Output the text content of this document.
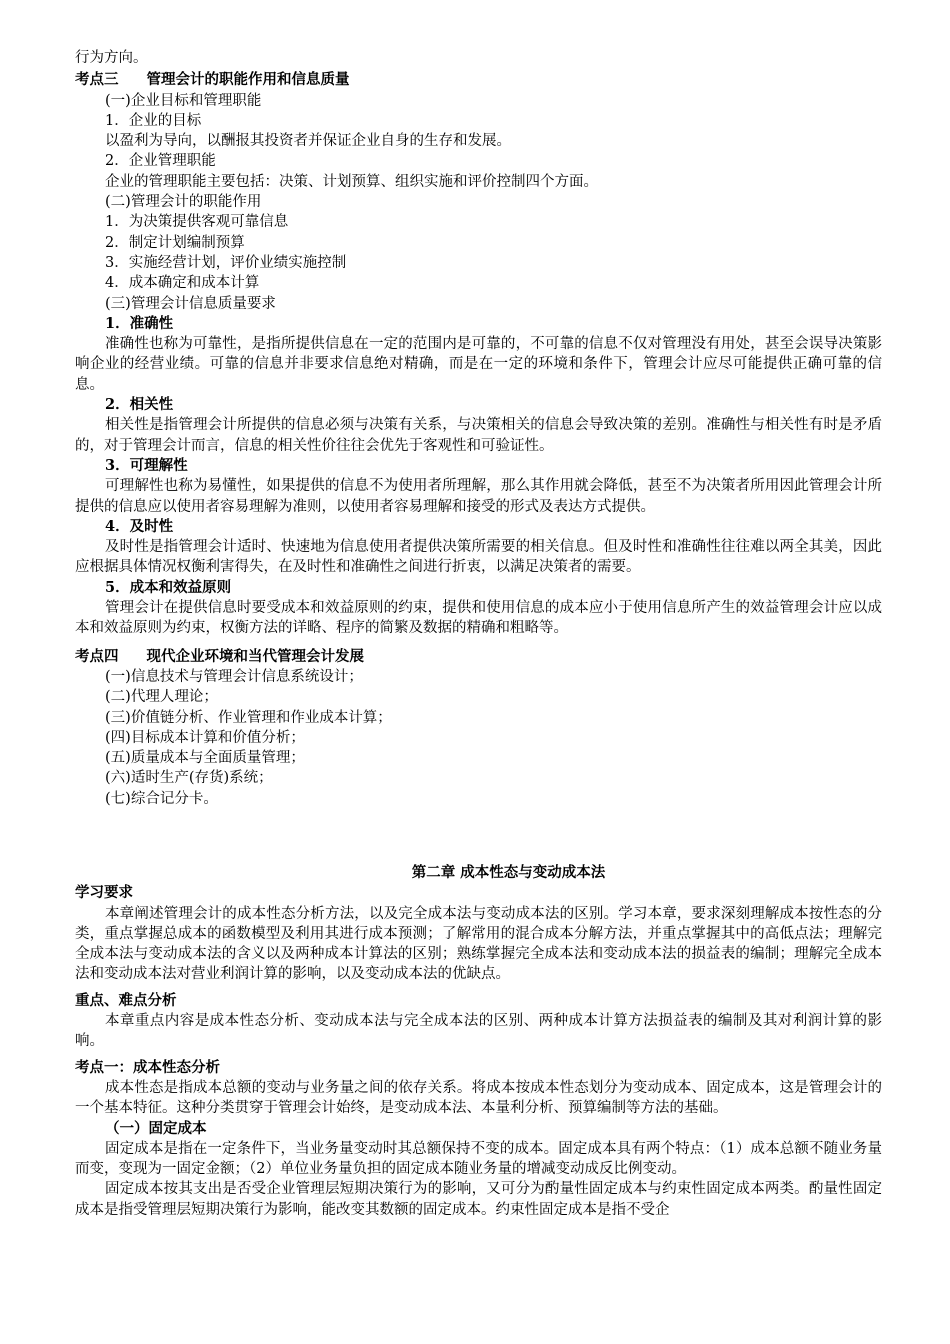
行为方向。

考点三 管理会计的职能作用和信息质量

(一)企业目标和管理职能

1．企业的目标

以盈利为导向，以酬报其投资者并保证企业自身的生存和发展。

2．企业管理职能

企业的管理职能主要包括：决策、计划预算、组织实施和评价控制四个方面。

(二)管理会计的职能作用

1．为决策提供客观可靠信息

2．制定计划编制预算

3．实施经营计划，评价业绩实施控制

4．成本确定和成本计算

(三)管理会计信息质量要求

1．准确性

准确性也称为可靠性，是指所提供信息在一定的范围内是可靠的，不可靠的信息不仅对管理没有用处，甚至会误导决策影响企业的经营业绩。可靠的信息并非要求信息绝对精确，而是在一定的环境和条件下，管理会计应尽可能提供正确可靠的信息。

2．相关性

相关性是指管理会计所提供的信息必须与决策有关系，与决策相关的信息会导致决策的差别。准确性与相关性有时是矛盾的，对于管理会计而言，信息的相关性价往往会优先于客观性和可验证性。

3．可理解性

可理解性也称为易懂性，如果提供的信息不为使用者所理解，那么其作用就会降低，甚至不为决策者所用因此管理会计所提供的信息应以使用者容易理解为准则，以使用者容易理解和接受的形式及表达方式提供。

4．及时性

及时性是指管理会计适时、快速地为信息使用者提供决策所需要的相关信息。但及时性和准确性往往难以两全其美，因此应根据具体情况权衡利害得失，在及时性和准确性之间进行折衷，以满足决策者的需要。

5．成本和效益原则

管理会计在提供信息时要受成本和效益原则的约束，提供和使用信息的成本应小于使用信息所产生的效益管理会计应以成本和效益原则为约束，权衡方法的详略、程序的简繁及数据的精确和粗略等。

考点四 现代企业环境和当代管理会计发展

(一)信息技术与管理会计信息系统设计；

(二)代理人理论；

(三)价值链分析、作业管理和作业成本计算；

(四)目标成本计算和价值分析；

(五)质量成本与全面质量管理；

(六)适时生产(存货)系统；

(七)综合记分卡。

第二章 成本性态与变动成本法

学习要求

本章阐述管理会计的成本性态分析方法，以及完全成本法与变动成本法的区别。学习本章，要求深刻理解成本按性态的分类，重点掌握总成本的函数模型及利用其进行成本预测；了解常用的混合成本分解方法，并重点掌握其中的高低点法；理解完全成本法与变动成本法的含义以及两种成本计算法的区别；熟练掌握完全成本法和变动成本法的损益表的编制；理解完全成本法和变动成本法对营业利润计算的影响，以及变动成本法的优缺点。

重点、难点分析

本章重点内容是成本性态分析、变动成本法与完全成本法的区别、两种成本计算方法损益表的编制及其对利润计算的影响。

考点一：成本性态分析

成本性态是指成本总额的变动与业务量之间的依存关系。将成本按成本性态划分为变动成本、固定成本，这是管理会计的一个基本特征。这种分类贯穿于管理会计始终，是变动成本法、本量利分析、预算编制等方法的基础。

（一）固定成本

固定成本是指在一定条件下，当业务量变动时其总额保持不变的成本。固定成本具有两个特点：（1）成本总额不随业务量而变，变现为一固定金额；（2）单位业务量负担的固定成本随业务量的增减变动成反比例变动。

固定成本按其支出是否受企业管理层短期决策行为的影响，又可分为酌量性固定成本与约束性固定成本两类。酌量性固定成本是指受管理层短期决策行为影响，能改变其数额的固定成本。约束性固定成本是指不受企
